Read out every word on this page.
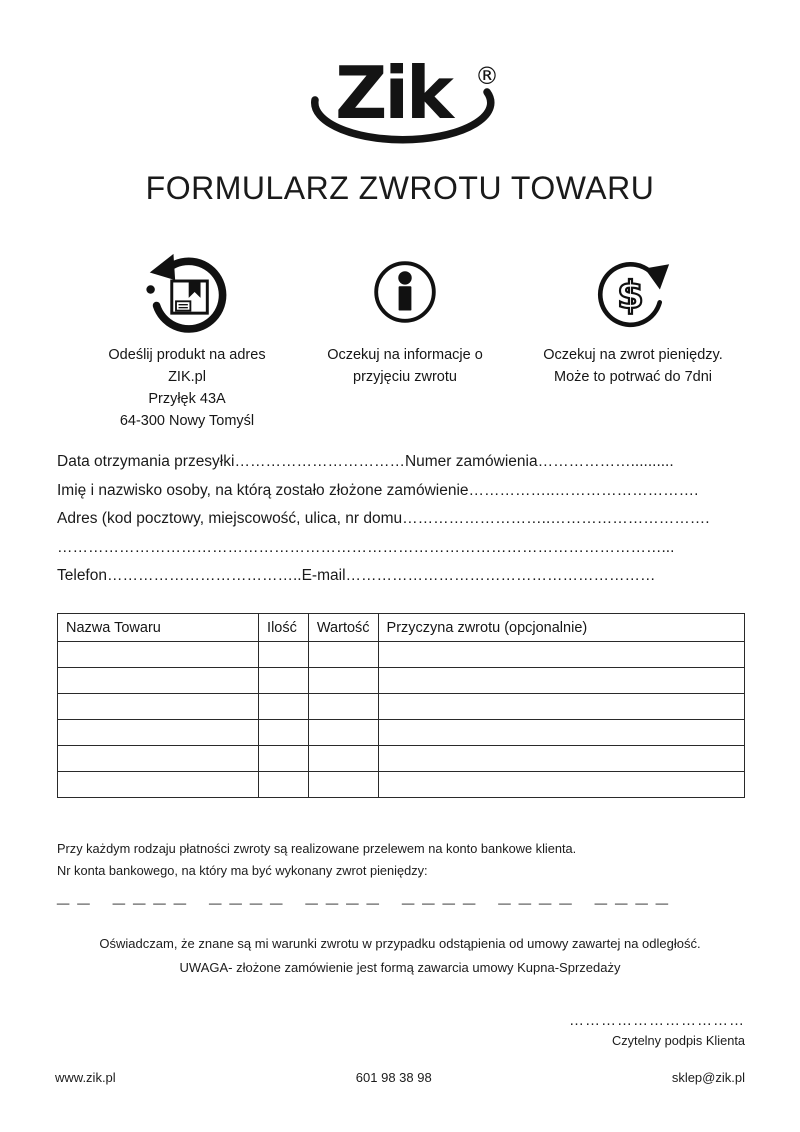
Zik ®
FORMULARZ ZWROTU TOWARU
Odeślij produkt na adres
ZIK.pl
Przyłęk 43A
64-300 Nowy Tomyśl
Oczekuj na informacje o
przyjęciu zwrotu
$
Oczekuj na zwrot pieniędzy.
Może to potrwać do 7dni
Data otrzymania przesyłki……………………………Numer zamówienia………………..........
Imię i nazwisko osoby, na którą zostało złożone zamówienie……………..……………………….
Adres (kod pocztowy, miejscowość, ulica, nr domu………………………..………………………….
………………………………………………………………………………………………………...
Telefon………………………………..E-mail……………………………………………………
Nazwa Towaru	Ilość	Wartość	Przyczyna zwrotu (opcjonalnie)

Przy każdym rodzaju płatności zwroty są realizowane przelewem na konto bankowe klienta.
Nr konta bankowego, na który ma być wykonany zwrot pieniędzy:
_ _ _ _ _ _ _ _ _ _ _ _ _ _ _ _ _ _ _ _ _ _ _ _ _ _
Oświadczam, że znane są mi warunki zwrotu w przypadku odstąpienia od umowy zawartej na odległość.
UWAGA- złożone zamówienie jest formą zawarcia umowy Kupna-Sprzedaży
……………………………
Czytelny podpis Klienta
www.zik.pl	601 98 38 98	sklep@zik.pl
